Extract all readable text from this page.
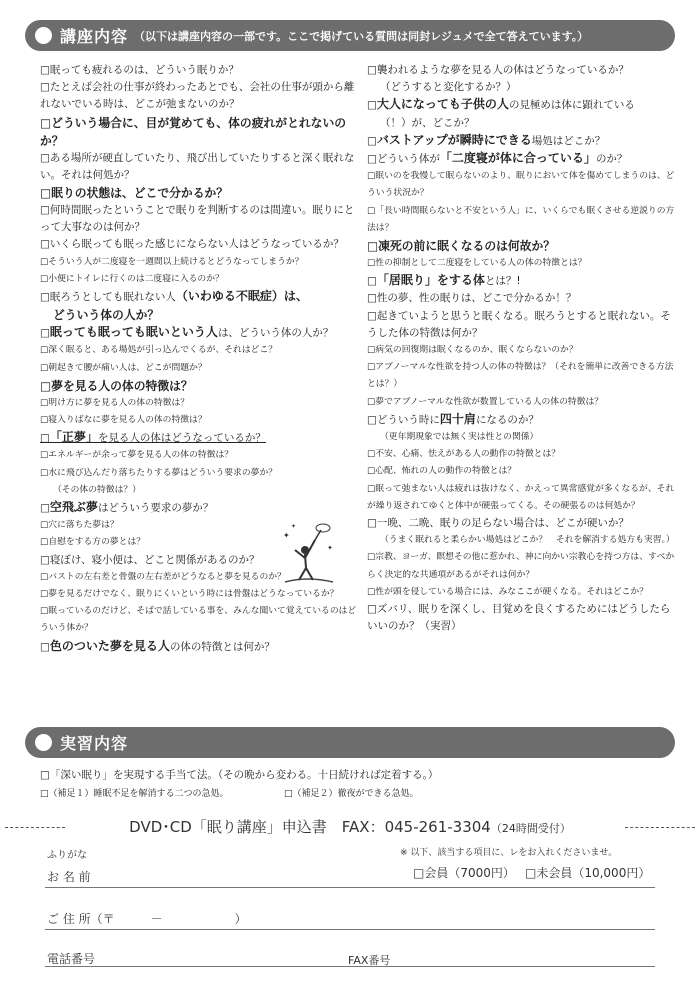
講座内容 （以下は講座内容の一部です。ここで掲げている質問は同封レジュメで全て答えています。）
□眠っても疲れるのは、どういう眠りか？
□たとえば会社の仕事が終わったあとでも、会社の仕事が頭から離れないでいる時は、どこが弛まないのか？
□どういう場合に、目が覚めても、体の疲れがとれないのか？
□ある場所が硬直していたり、飛び出していたりすると深く眠れない。それは何処か？
□眠りの状態は、どこで分かるか？
□何時間眠ったということで眠りを判断するのは間違い。眠りにとって大事なのは何か？
□いくら眠っても眠った感じにならない人はどうなっているか？
□そういう人が二度寝を一週間以上続けるとどうなってしまうか？
□小便にトイレに行くのは二度寝に入るのか？
□眠ろうとしても眠れない人（いわゆる不眠症）は、
どういう体の人か？
□眠っても眠っても眠いという人は、どういう体の人か？
□深く眠ると、ある場処が引っ込んでくるが、それはどこ？
□朝起きて腰が痛い人は、どこが問題か？
□夢を見る人の体の特徴は？
□明け方に夢を見る人の体の特徴は？
□寝入りばなに夢を見る人の体の特徴は？
□「正夢」を見る人の体はどうなっているか？
□エネルギーが余って夢を見る人の体の特徴は？
□水に飛び込んだり落ちたりする夢はどういう要求の夢か？
（その体の特徴は？）
□空飛ぶ夢はどういう要求の夢か？
□穴に落ちた夢は？
□自慰をする方の夢とは？
□寝ぼけ、寝小便は、どこと関係があるのか？
□バストの左右差と骨盤の左右差がどうなると夢を見るのか？
□夢を見るだけでなく、眠りにくいという時には骨盤はどうなっているか？
□眠っているのだけど、そばで話している事を、みんな聞いて覚えているのはどういう体か？
□色のついた夢を見る人の体の特徴とは何か？
□襲われるような夢を見る人の体はどうなっているか？
（どうすると変化するか？）
□大人になっても子供の人の見極めは体に顕れている
（！）が、どこか？
□バストアップが瞬時にできる場処はどこか？
□どういう体が「二度寝が体に合っている」のか？
□眠いのを我慢して眠らないのより、眠りにおいて体を傷めてしまうのは、どういう状況か？
□「長い時間眠らないと不安という人」に、いくらでも眠くさせる逆説りの方法は？
□凍死の前に眠くなるのは何故か？
□性の抑制として二度寝をしている人の体の特徴とは？
□「居眠り」をする体とは？!
□性の夢、性の眠りは、どこで分かるか！？
□起きていようと思うと眠くなる。眠ろうとすると眠れない。そうした体の特徴は何か？
□病気の回復期は眠くなるのか、眠くならないのか？
□アブノーマルな性欲を持つ人の体の特徴は？（それを簡単に改善できる方法とは？）
□夢でアブノーマルな性欲が数置している人の体の特徴は？
□どういう時に四十肩になるのか？
（更年期現象では無く実は性との関係）
□不安、心痛、怯えがある人の動作の特徴とは？
□心配、怖れの人の動作の特徴とは？
□眠って弛まない人は疲れは抜けなく、かえって異常感覚が多くなるが、それが繰り返されてゆくと体中が硬張ってくる。その硬張るのは何処か？
□一晩、二晩、眠りの足らない場合は、どこが硬いか？
（うまく眠れると柔らかい場処はどこか？　それを解消する処方も実習。）
□宗教、ヨーガ、瞑想その他に惹かれ、神に向かい宗教心を持つ方は、すべからく決定的な共通項があるがそれは何か？
□性が頭を侵している場合には、みなここが硬くなる。それはどこか？
□ズバリ、眠りを深くし、目覚めを良くするためにはどうしたらいいのか？（実習）
✦
✦
✦
実習内容
□「深い眠り」を実現する手当て法。（その晩から変わる。十日続ければ定着する。）
□（補足１）睡眠不足を解消する二つの急処。	□（補足２）徹夜ができる急処。
DVD･CD「眠り講座」申込書　FAX：045-261-3304（24時間受付）
ふりがな	※ 以下、該当する項目に、レをお入れくださいませ。
お 名 前	□会員（7000円） □未会員（10,000円）
ご 住 所（〒　　　－　　　　　　）
電話番号	FAX番号
